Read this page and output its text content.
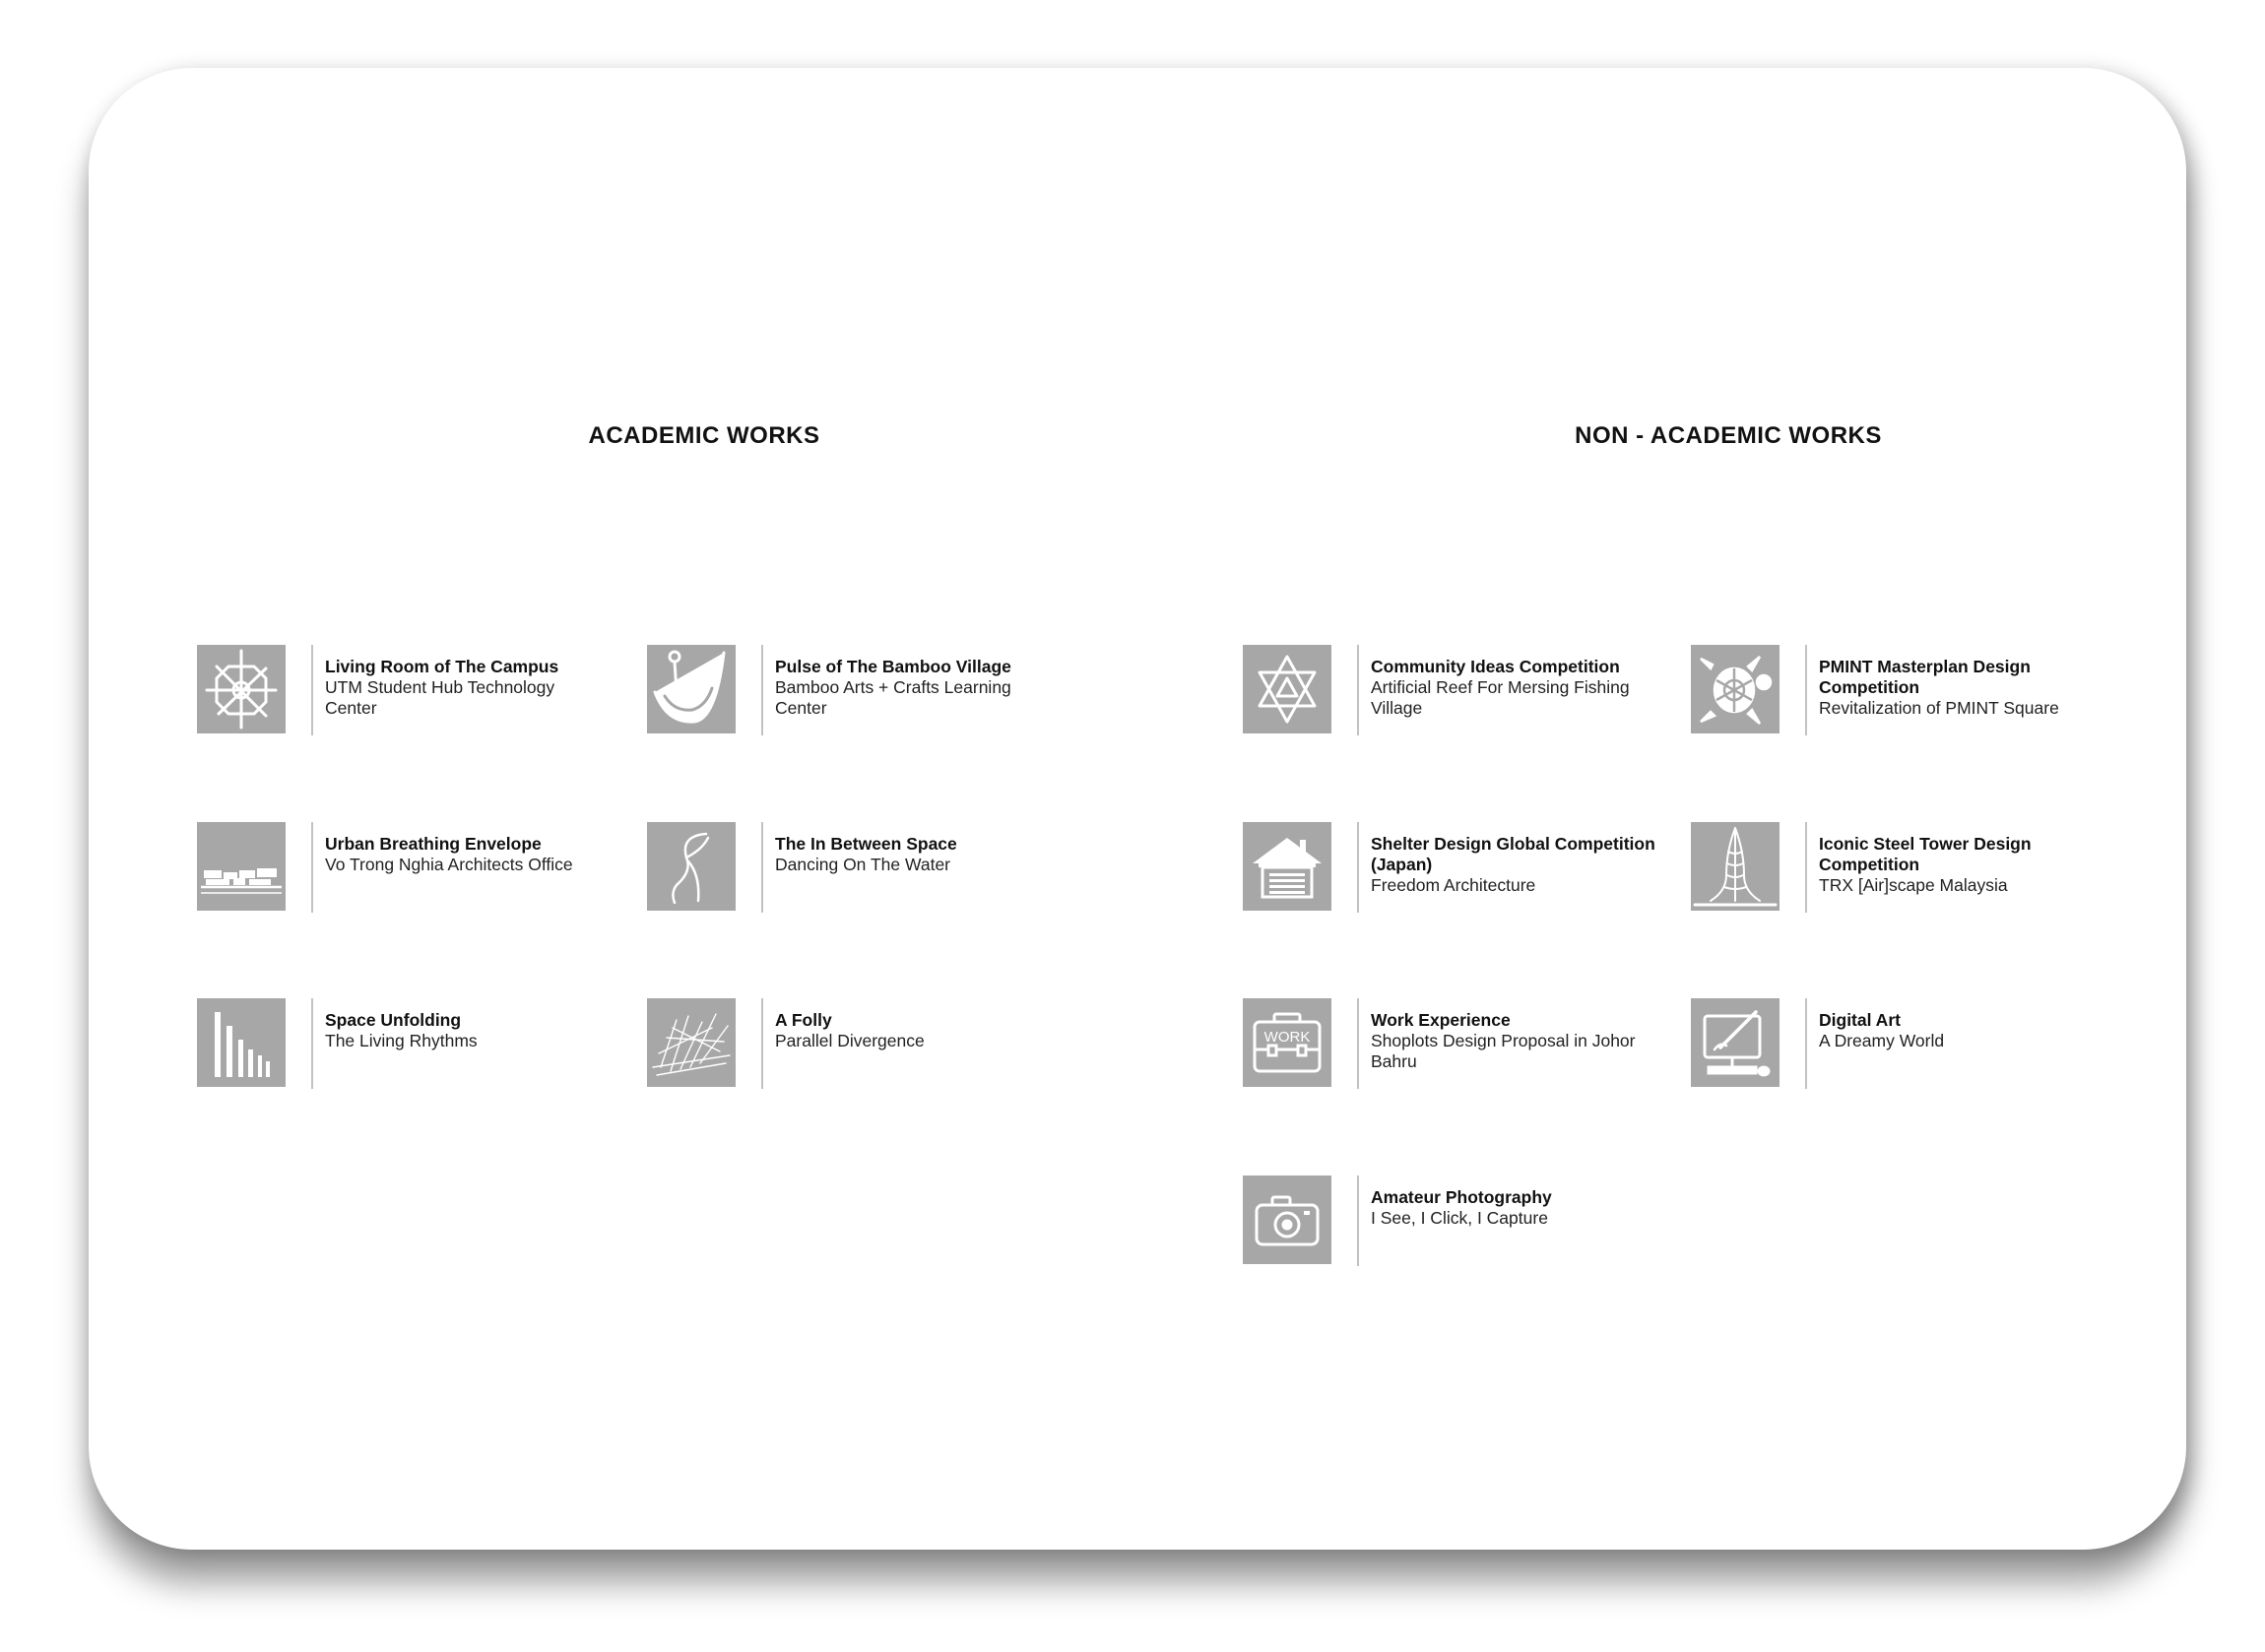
ACADEMIC WORKS	NON - ACADEMIC WORKS
Living Room of The Campus
UTM Student Hub Technology Center
Urban Breathing Envelope
Vo Trong Nghia Architects Office
Space Unfolding
The Living Rhythms
Pulse of The Bamboo Village
Bamboo Arts + Crafts Learning Center
The In Between Space
Dancing On The Water
A Folly
Parallel Divergence
Community Ideas Competition
Artificial Reef For Mersing Fishing Village
Shelter Design Global Competition (Japan)
Freedom Architecture
WORK
Work Experience
Shoplots Design Proposal in Johor Bahru
Amateur Photography
I See, I Click, I Capture
PMINT Masterplan Design Competition
Revitalization of PMINT Square
Iconic Steel Tower Design Competition
TRX [Air]scape Malaysia
Digital Art
A Dreamy World
